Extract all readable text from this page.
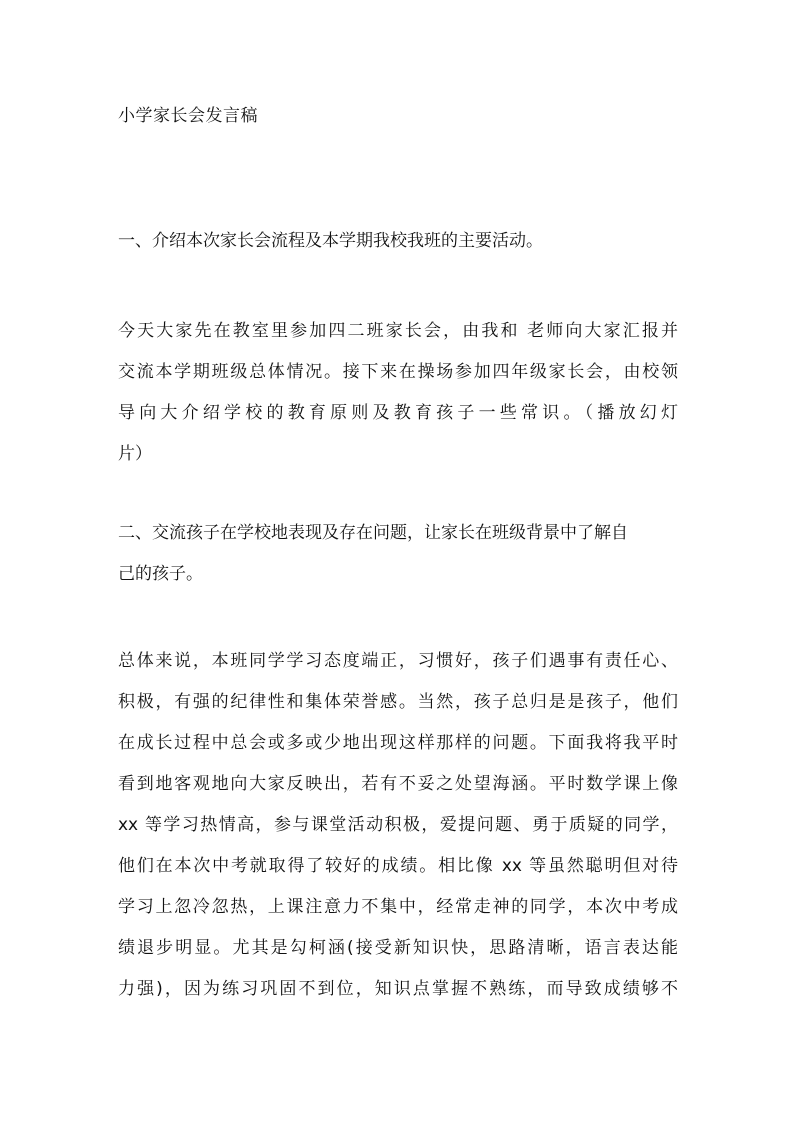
小学家长会发言稿
一、介绍本次家长会流程及本学期我校我班的主要活动。
今天大家先在教室里参加四二班家长会，由我和 老师向大家汇报并
交流本学期班级总体情况。接下来在操场参加四年级家长会，由校领
导向大介绍学校的教育原则及教育孩子一些常识。（播放幻灯
片）
二、交流孩子在学校地表现及存在问题，让家长在班级背景中了解自
己的孩子。
总体来说，本班同学学习态度端正，习惯好，孩子们遇事有责任心、
积极，有强的纪律性和集体荣誉感。当然，孩子总归是是孩子，他们
在成长过程中总会或多或少地出现这样那样的问题。下面我将我平时
看到地客观地向大家反映出，若有不妥之处望海涵。平时数学课上像
xx 等学习热情高，参与课堂活动积极，爱提问题、勇于质疑的同学，
他们在本次中考就取得了较好的成绩。相比像 xx 等虽然聪明但对待
学习上忽冷忽热，上课注意力不集中，经常走神的同学，本次中考成
绩退步明显。尤其是勾柯涵(接受新知识快，思路清晰，语言表达能
力强)，因为练习巩固不到位，知识点掌握不熟练，而导致成绩够不
